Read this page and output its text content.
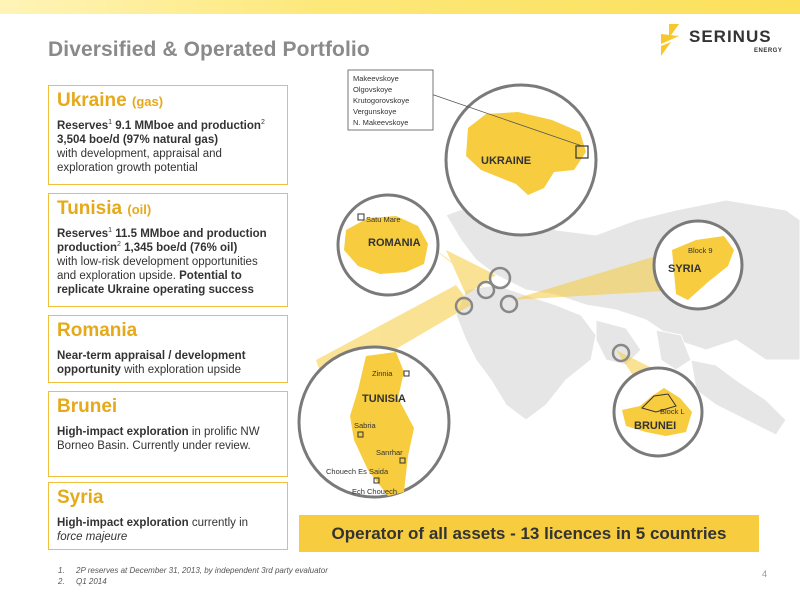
Diversified & Operated Portfolio
SERINUS
ENERGY
Ukraine (gas)

Reserves$^1$ 9.1 MMboe and production$^2$
3,504 boe/d (97% natural gas)
with development, appraisal and exploration growth potential

Tunisia (oil)

Reserves$^1$ 11.5 MMboe and production
production$^2$ 1,345 boe/d (76% oil)
with low-risk development opportunities and exploration upside. Potential to replicate Ukraine operating success

Romania

Near-term appraisal / development opportunity with exploration upside

Brunei

High-impact exploration in prolific NW Borneo Basin. Currently under review.

Syria

High-impact exploration currently in
force majeure

UKRAINE
Makeevskoye Olgovskoye Krutogorovskoye Vergunskoye N. Makeevskoye
Satu Mare
ROMANIA
Block 9
SYRIA
Zinnia
TUNISIA
Sabria
Sanrhar
Chouech Es Saida
Ech Chouech
Block L
BRUNEI
Operator of all assets - 13 licences in 5 countries
1. 2P reserves at December 31, 2013, by independent 3rd party evaluator
2. Q1 2014
4
